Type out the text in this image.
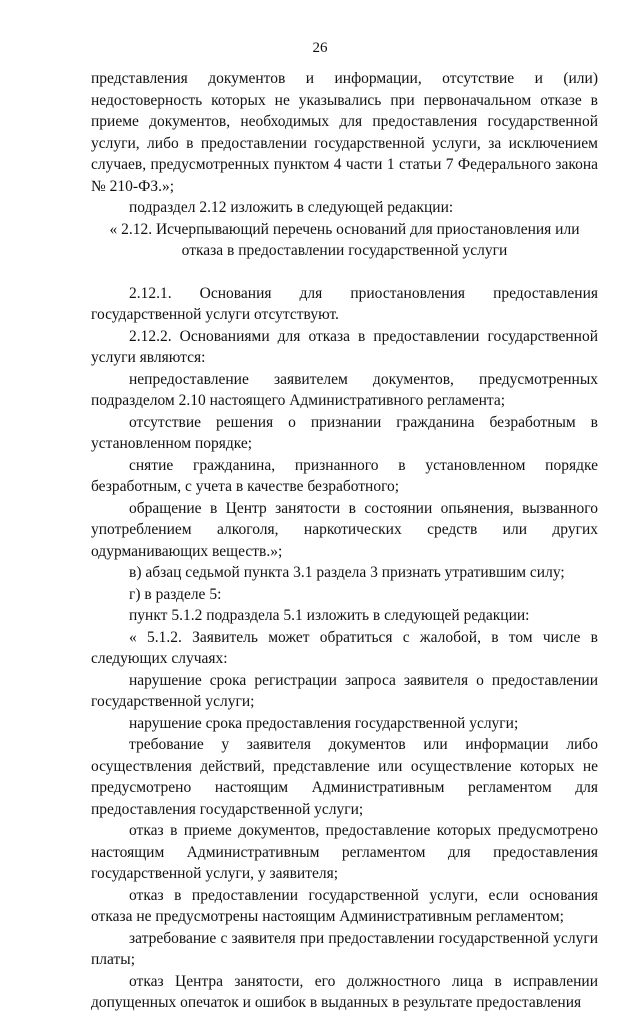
26

представления документов и информации, отсутствие и (или) недостоверность которых не указывались при первоначальном отказе в приеме документов, необходимых для предоставления государственной услуги, либо в предоставлении государственной услуги, за исключением случаев, предусмотренных пунктом 4 части 1 статьи 7 Федерального закона № 210-ФЗ.»;

подраздел 2.12 изложить в следующей редакции:

« 2.12. Исчерпывающий перечень оснований для приостановления или отказа в предоставлении государственной услуги

2.12.1. Основания для приостановления предоставления государственной услуги отсутствуют.

2.12.2. Основаниями для отказа в предоставлении государственной услуги являются:

непредоставление заявителем документов, предусмотренных подразделом 2.10 настоящего Административного регламента;

отсутствие решения о признании гражданина безработным в установленном порядке;

снятие гражданина, признанного в установленном порядке безработным, с учета в качестве безработного;

обращение в Центр занятости в состоянии опьянения, вызванного употреблением алкоголя, наркотических средств или других одурманивающих веществ.»;

в) абзац седьмой пункта 3.1 раздела 3 признать утратившим силу;

г) в разделе 5:

пункт 5.1.2 подраздела 5.1 изложить в следующей редакции:

« 5.1.2. Заявитель может обратиться с жалобой, в том числе в следующих случаях:

нарушение срока регистрации запроса заявителя о предоставлении государственной услуги;

нарушение срока предоставления государственной услуги;

требование у заявителя документов или информации либо осуществления действий, представление или осуществление которых не предусмотрено настоящим Административным регламентом для предоставления государственной услуги;

отказ в приеме документов, предоставление которых предусмотрено настоящим Административным регламентом для предоставления государственной услуги, у заявителя;

отказ в предоставлении государственной услуги, если основания отказа не предусмотрены настоящим Административным регламентом;

затребование с заявителя при предоставлении государственной услуги платы;

отказ Центра занятости, его должностного лица в исправлении допущенных опечаток и ошибок в выданных в результате предоставления
